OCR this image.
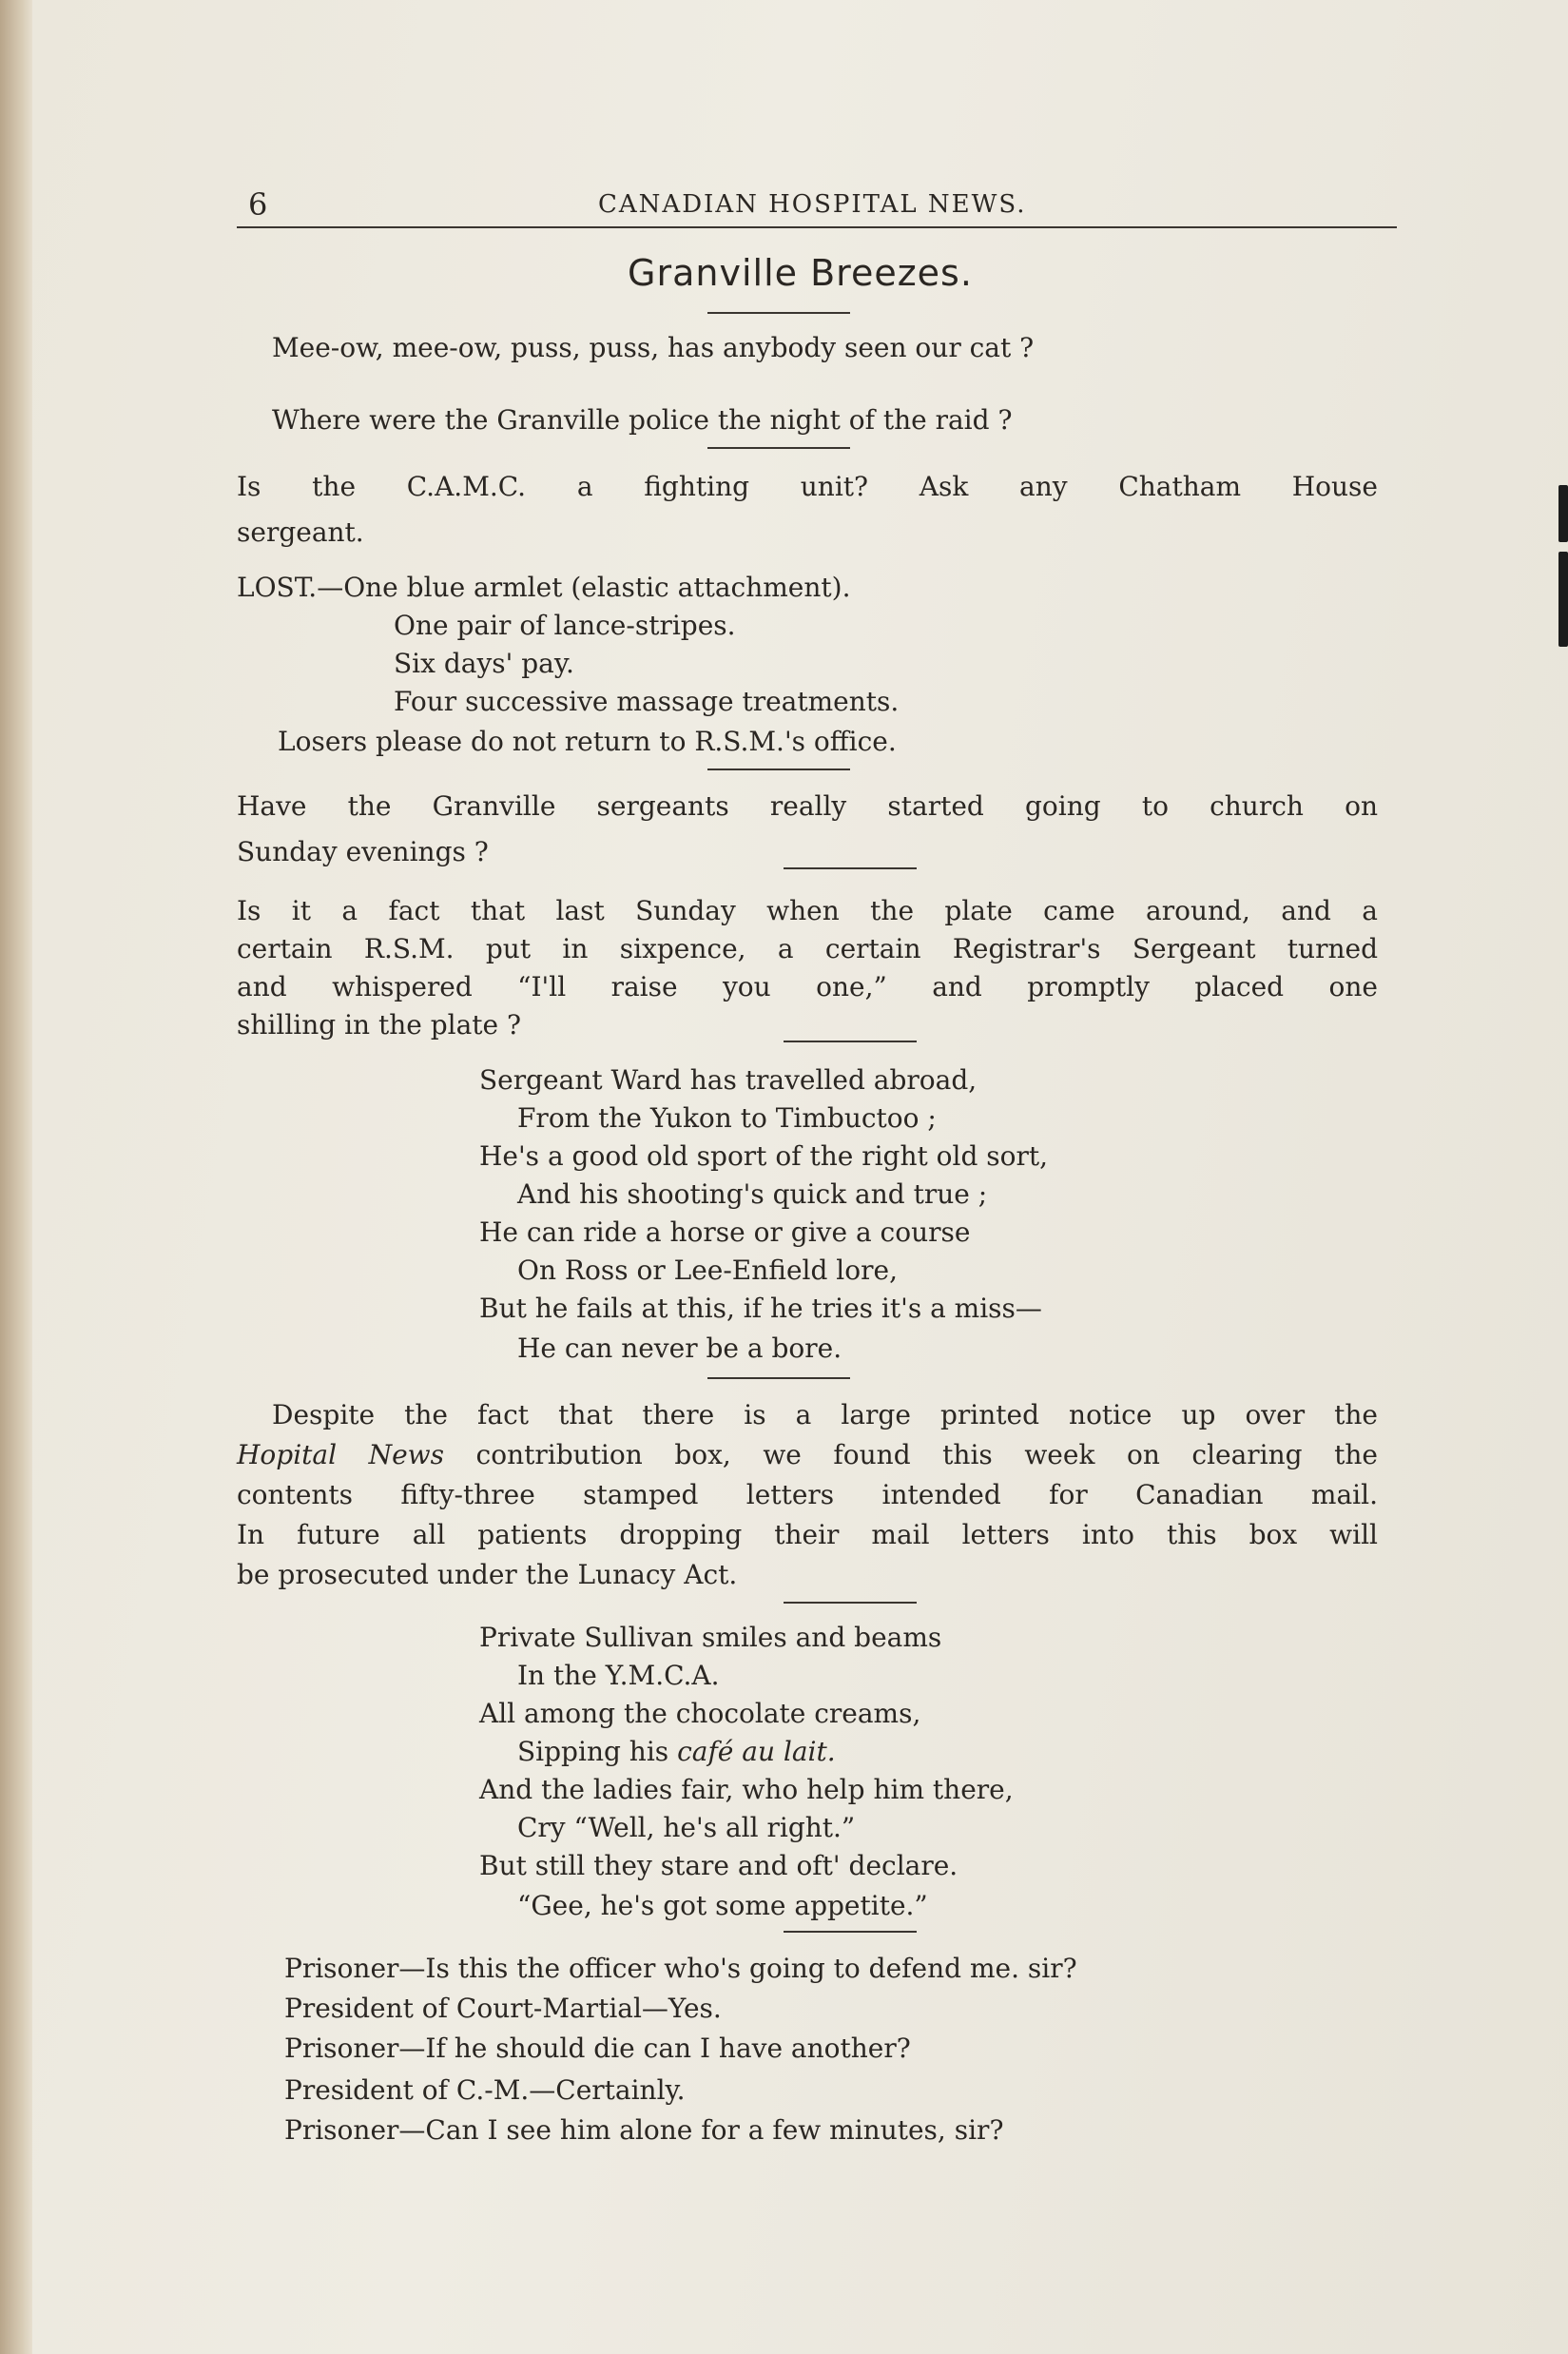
6	CANADIAN HOSPITAL NEWS.
Granville Breezes.
Mee-ow, mee-ow, puss, puss, has anybody seen our cat ?
Where were the Granville police the night of the raid ?
Is the C.A.M.C. a fighting unit? Ask any Chatham House
sergeant.
LOST.—One blue armlet (elastic attachment).
One pair of lance-stripes.
Six days' pay.
Four successive massage treatments.
Losers please do not return to R.S.M.'s office.
Have the Granville sergeants really started going to church on
Sunday evenings ?
Is it a fact that last Sunday when the plate came around, and a
certain R.S.M. put in sixpence, a certain Registrar's Sergeant turned
and whispered “I'll raise you one,” and promptly placed one
shilling in the plate ?
Sergeant Ward has travelled abroad,
From the Yukon to Timbuctoo ;
He's a good old sport of the right old sort,
And his shooting's quick and true ;
He can ride a horse or give a course
On Ross or Lee-Enfield lore,
But he fails at this, if he tries it's a miss—
He can never be a bore.
Despite the fact that there is a large printed notice up over the
Hopital News contribution box, we found this week on clearing the
contents fifty-three stamped letters intended for Canadian mail.
In future all patients dropping their mail letters into this box will
be prosecuted under the Lunacy Act.
Private Sullivan smiles and beams
In the Y.M.C.A.
All among the chocolate creams,
Sipping his café au lait.
And the ladies fair, who help him there,
Cry “Well, he's all right.”
But still they stare and oft' declare.
“Gee, he's got some appetite.”
Prisoner—Is this the officer who's going to defend me. sir?
President of Court-Martial—Yes.
Prisoner—If he should die can I have another?
President of C.-M.—Certainly.
Prisoner—Can I see him alone for a few minutes, sir?
